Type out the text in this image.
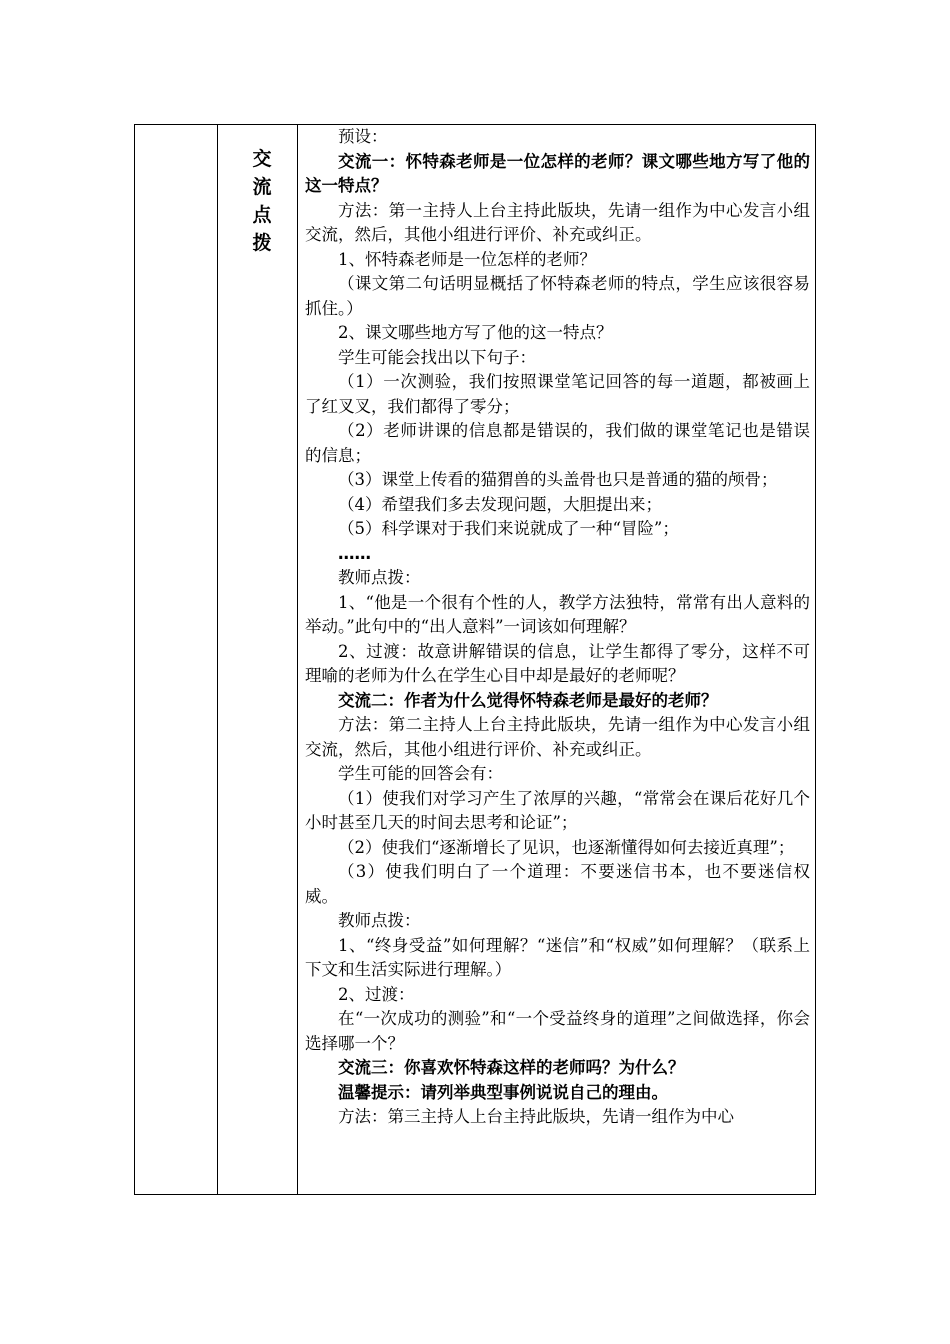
交
流
点
拨

预设：

交流一：怀特森老师是一位怎样的老师？课文哪些地方写了他的这一特点？

方法：第一主持人上台主持此版块，先请一组作为中心发言小组交流，然后，其他小组进行评价、补充或纠正。

1、怀特森老师是一位怎样的老师？

（课文第二句话明显概括了怀特森老师的特点，学生应该很容易抓住。）

2、课文哪些地方写了他的这一特点？

学生可能会找出以下句子：

（1）一次测验，我们按照课堂笔记回答的每一道题，都被画上了红叉叉，我们都得了零分；

（2）老师讲课的信息都是错误的，我们做的课堂笔记也是错误的信息；

（3）课堂上传看的猫猬兽的头盖骨也只是普通的猫的颅骨；

（4）希望我们多去发现问题，大胆提出来；

（5）科学课对于我们来说就成了一种“冒险”；

……

教师点拨：

1、“他是一个很有个性的人，教学方法独特，常常有出人意料的举动。”此句中的“出人意料”一词该如何理解？

2、过渡：故意讲解错误的信息，让学生都得了零分，这样不可理喻的老师为什么在学生心目中却是最好的老师呢？

交流二：作者为什么觉得怀特森老师是最好的老师？

方法：第二主持人上台主持此版块，先请一组作为中心发言小组交流，然后，其他小组进行评价、补充或纠正。

学生可能的回答会有：

（1）使我们对学习产生了浓厚的兴趣，“常常会在课后花好几个小时甚至几天的时间去思考和论证”；

（2）使我们“逐渐增长了见识，也逐渐懂得如何去接近真理”；

（3）使我们明白了一个道理：不要迷信书本，也不要迷信权威。

教师点拨：

1、“终身受益”如何理解？“迷信”和“权威”如何理解？（联系上下文和生活实际进行理解。）

2、过渡：

在“一次成功的测验”和“一个受益终身的道理”之间做选择，你会选择哪一个？

交流三：你喜欢怀特森这样的老师吗？为什么？

温馨提示：请列举典型事例说说自己的理由。

方法：第三主持人上台主持此版块，先请一组作为中心
